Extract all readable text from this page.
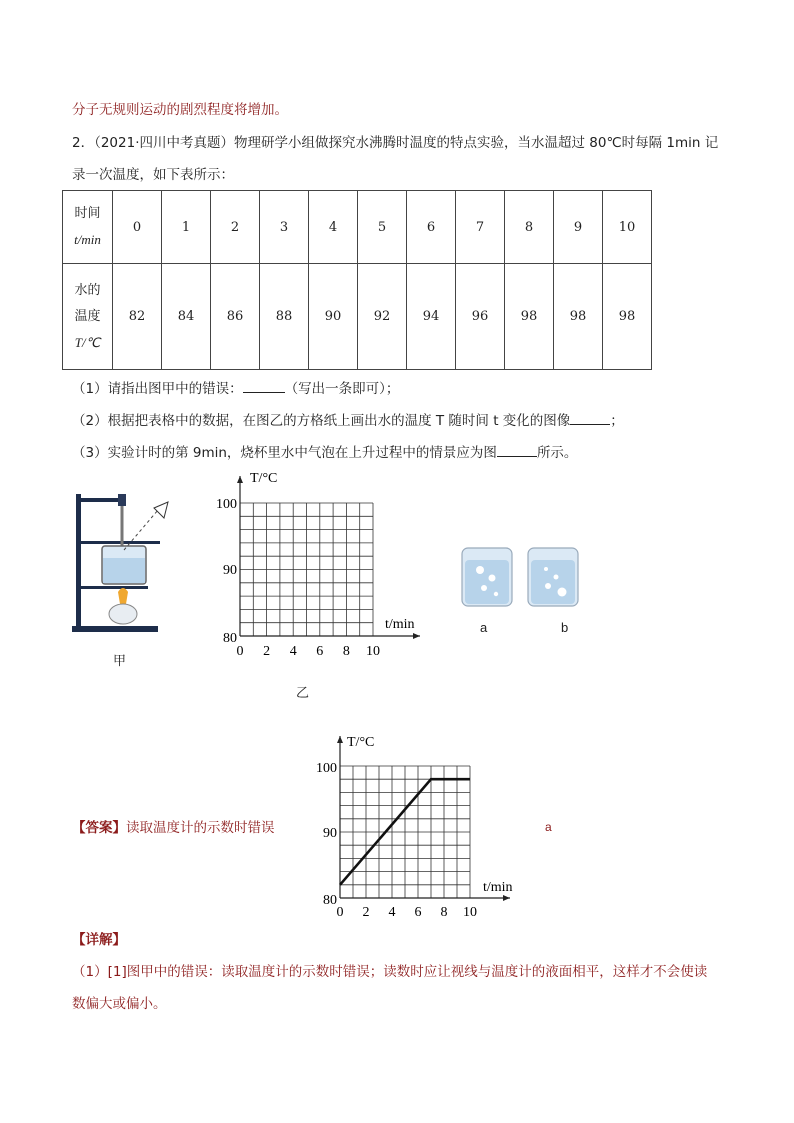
分子无规则运动的剧烈程度将增加。
2．（2021·四川中考真题）物理研学小组做探究水沸腾时温度的特点实验，当水温超过 80℃时每隔 1min 记
录一次温度，如下表所示：
时间
t/min	0	1	2	3	4	5	6	7	8	9	10

水的
温度
T/℃	82	84	86	88	90	92	94	96	98	98	98
（1）请指出图甲中的错误：	（写出一条即可）；
（2）根据把表格中的数据，在图乙的方格纸上画出水的温度 T 随时间 t 变化的图像	；
（3）实验计时的第 9min，烧杯里水中气泡在上升过程中的情景应为图	所示。
甲
T/°C
t/min
100
90
80
0 2 4 6 8 10
乙
a	b
【答案】读取温度计的示数时错误	a
T/°C
t/min
100
90
80
0 2 4 6 8 10
【详解】
（1）[1]图甲中的错误：读取温度计的示数时错误；读数时应让视线与温度计的液面相平，这样才不会使读
数偏大或偏小。
